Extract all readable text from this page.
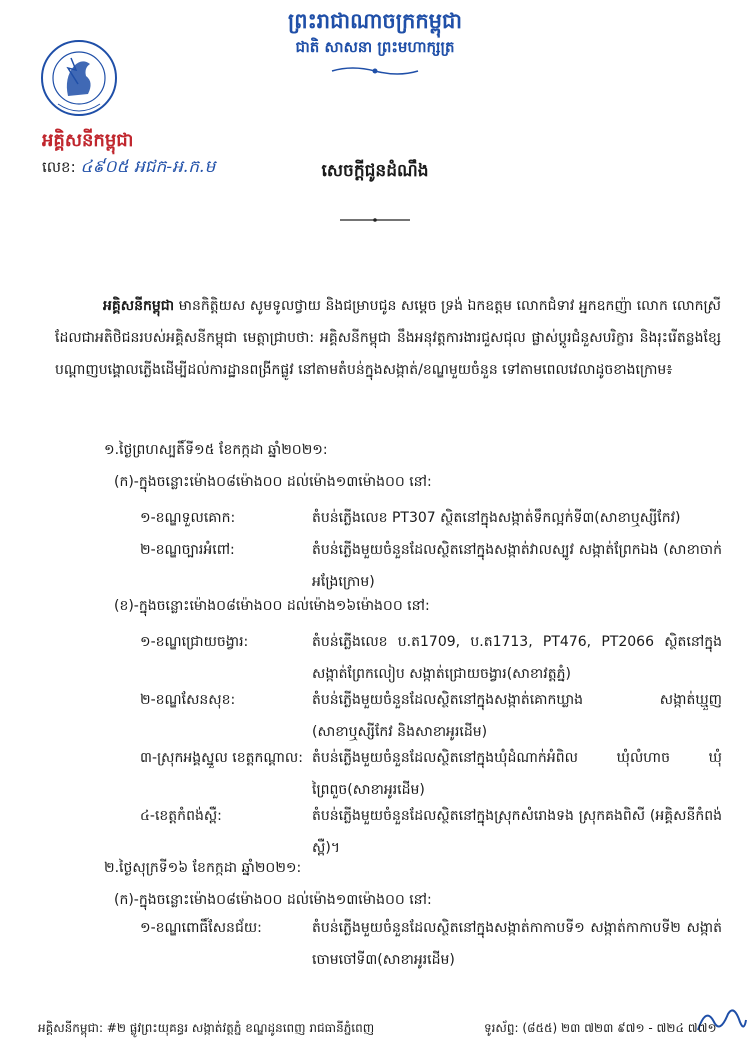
ព្រះរាជាណាចក្រកម្ពុជា
ជាតិ សាសនា ព្រះមហាក្សត្រ
អគ្គិសនីកម្ពុជា
លេខ: ៤៩០៥ អជក-អ.ក.ម	សេចក្តីជូនដំណឹង
អគ្គិសនីកម្ពុជា មានកិត្តិយស សូមទូលថ្វាយ និងជម្រាបជូន សម្តេច ទ្រង់ ឯកឧត្តម លោកជំទាវ អ្នកឧកញ៉ា លោក លោកស្រី ដែលជាអតិថិជនរបស់អគ្គិសនីកម្ពុជា មេត្តាជ្រាបថា: អគ្គិសនីកម្ពុជា នឹងអនុវត្តការងារជួសជុល ផ្លាស់ប្តូរជំនួសបរិក្ខារ និងរុះរើតន្លងខ្សែបណ្តាញបង្គោលភ្លើងដើម្បីដល់ការដ្ឋានពង្រីកផ្លូវ នៅតាមតំបន់ក្នុងសង្កាត់/ខណ្ឌមួយចំនួន ទៅតាមពេលវេលាដូចខាងក្រោម៖
១.ថ្ងៃព្រហស្បតិ៍ទី១៥ ខែកក្កដា ឆ្នាំ២០២១:
(ក)-ក្នុងចន្លោះម៉ោង០៨ម៉ោង០០ ដល់ម៉ោង១៣ម៉ោង០០ នៅ:
១-ខណ្ឌទួលគោក:	តំបន់ភ្លើងលេខ PT307 ស្ថិតនៅក្នុងសង្កាត់ទឹកល្អក់ទី៣(សាខាឬស្សីកែវ)
២-ខណ្ឌច្បារអំពៅ:	តំបន់ភ្លើងមួយចំនួនដែលស្ថិតនៅក្នុងសង្កាត់វាលស្បូវ សង្កាត់ព្រែកឯង (សាខាចាក់អង្រែក្រោម)
(ខ)-ក្នុងចន្លោះម៉ោង០៨ម៉ោង០០ ដល់ម៉ោង១៦ម៉ោង០០ នៅ:
១-ខណ្ឌជ្រោយចង្វារ:	តំបន់ភ្លើងលេខ ប.ត1709, ប.ត1713, PT476, PT2066 ស្ថិតនៅក្នុងសង្កាត់ព្រែកលៀប សង្កាត់ជ្រោយចង្វារ(សាខាវត្តភ្នំ)
២-ខណ្ឌសែនសុខ:	តំបន់ភ្លើងមួយចំនួនដែលស្ថិតនៅក្នុងសង្កាត់គោកឃ្លាង សង្កាត់ឃ្មួញ (សាខាឬស្សីកែវ និងសាខាអូរដើម)
៣-ស្រុកអង្គស្នួល ខេត្តកណ្តាល: តំបន់ភ្លើងមួយចំនួនដែលស្ថិតនៅក្នុងឃុំដំណាក់អំពិល ឃុំលំហាច ឃុំព្រៃពួច(សាខាអូរដើម)
៤-ខេត្តកំពង់ស្ពឺ:	តំបន់ភ្លើងមួយចំនួនដែលស្ថិតនៅក្នុងស្រុកសំរោងទង ស្រុកគងពិសី (អគ្គិសនីកំពង់ស្ពឺ)។
២.ថ្ងៃសុក្រទី១៦ ខែកក្កដា ឆ្នាំ២០២១:
(ក)-ក្នុងចន្លោះម៉ោង០៨ម៉ោង០០ ដល់ម៉ោង១៣ម៉ោង០០ នៅ:
១-ខណ្ឌពោធិ៍សែនជ័យ:	តំបន់ភ្លើងមួយចំនួនដែលស្ថិតនៅក្នុងសង្កាត់កាកាបទី១ សង្កាត់កាកាបទី២ សង្កាត់ចោមចៅទី៣(សាខាអូរដើម)
អគ្គិសនីកម្ពុជា: #២ ផ្លូវព្រះយុគន្ធរ សង្កាត់វត្តភ្នំ ខណ្ឌដូនពេញ រាជធានីភ្នំពេញ	ទូរស័ព្ទ: (៨៥៥) ២៣ ៧២៣ ៩៧១ - ៧២៤ ៧៧១
